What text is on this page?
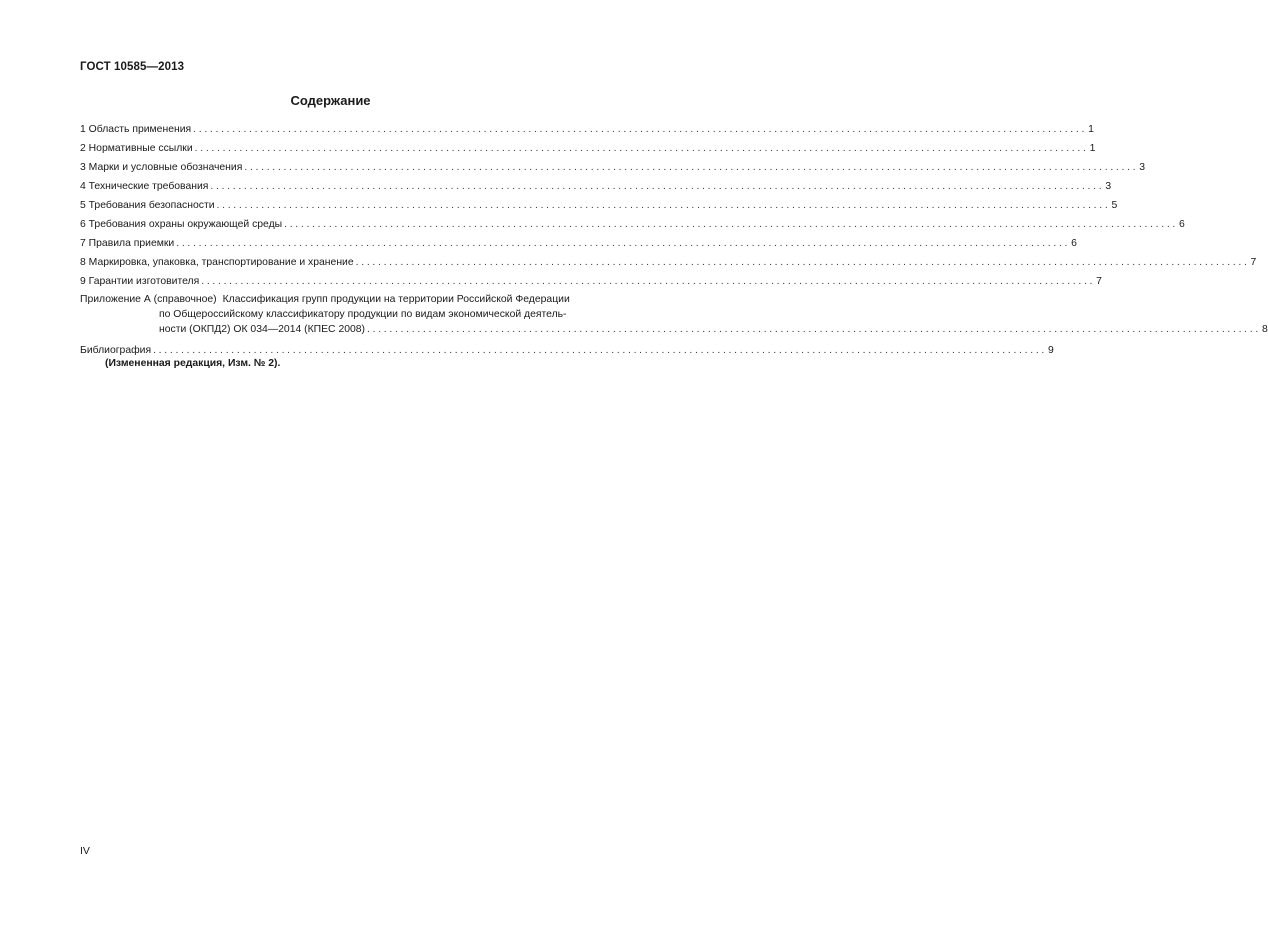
ГОСТ 10585—2013
Содержание
1 Область применения ................................................................................................................................................................ 1
2 Нормативные ссылки ................................................................................................................................................................ 1
3 Марки и условные обозначения ................................................................................................................................................................ 3
4 Технические требования ................................................................................................................................................................ 3
5 Требования безопасности ................................................................................................................................................................ 5
6 Требования охраны окружающей среды ................................................................................................................................................................ 6
7 Правила приемки ................................................................................................................................................................ 6
8 Маркировка, упаковка, транспортирование и хранение ................................................................................................................................................................ 7
9 Гарантии изготовителя ................................................................................................................................................................ 7
Приложение А (справочное) Классификация групп продукции на территории Российской Федерации
по Общероссийскому классификатору продукции по видам экономической деятель-
ности (ОКПД2) ОК 034—2014 (КПЕС 2008) ................................................................................................................................................................ 8
Библиография ................................................................................................................................................................ 9
(Измененная редакция, Изм. № 2).
IV
